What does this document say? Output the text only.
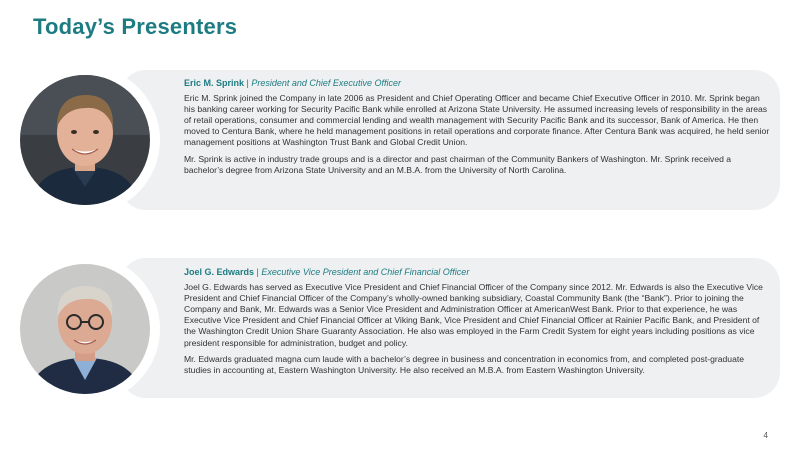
Today’s Presenters
Eric M. Sprink | President and Chief Executive Officer

Eric M. Sprink joined the Company in late 2006 as President and Chief Operating Officer and became Chief Executive Officer in 2010. Mr. Sprink began his banking career working for Security Pacific Bank while enrolled at Arizona State University. He assumed increasing levels of responsibility in the areas of retail operations, consumer and commercial lending and wealth management with Security Pacific Bank and its successor, Bank of America. He then moved to Centura Bank, where he held management positions in retail operations and corporate finance. After Centura Bank was acquired, he held senior management positions at Washington Trust Bank and Global Credit Union.

Mr. Sprink is active in industry trade groups and is a director and past chairman of the Community Bankers of Washington. Mr. Sprink received a bachelor’s degree from Arizona State University and an M.B.A. from the University of North Carolina.

Joel G. Edwards | Executive Vice President and Chief Financial Officer

Joel G. Edwards has served as Executive Vice President and Chief Financial Officer of the Company since 2012. Mr. Edwards is also the Executive Vice President and Chief Financial Officer of the Company’s wholly-owned banking subsidiary, Coastal Community Bank (the “Bank”). Prior to joining the Company and Bank, Mr. Edwards was a Senior Vice President and Administration Officer at AmericanWest Bank. Prior to that experience, he was Executive Vice President and Chief Financial Officer at Viking Bank, Vice President and Chief Financial Officer at Rainier Pacific Bank, and President of the Washington Credit Union Share Guaranty Association. He also was employed in the Farm Credit System for eight years including positions as vice president responsible for administration, budget and policy.

Mr. Edwards graduated magna cum laude with a bachelor’s degree in business and concentration in economics from, and completed post-graduate studies in accounting at, Eastern Washington University. He also received an M.B.A. from Eastern Washington University.

4
